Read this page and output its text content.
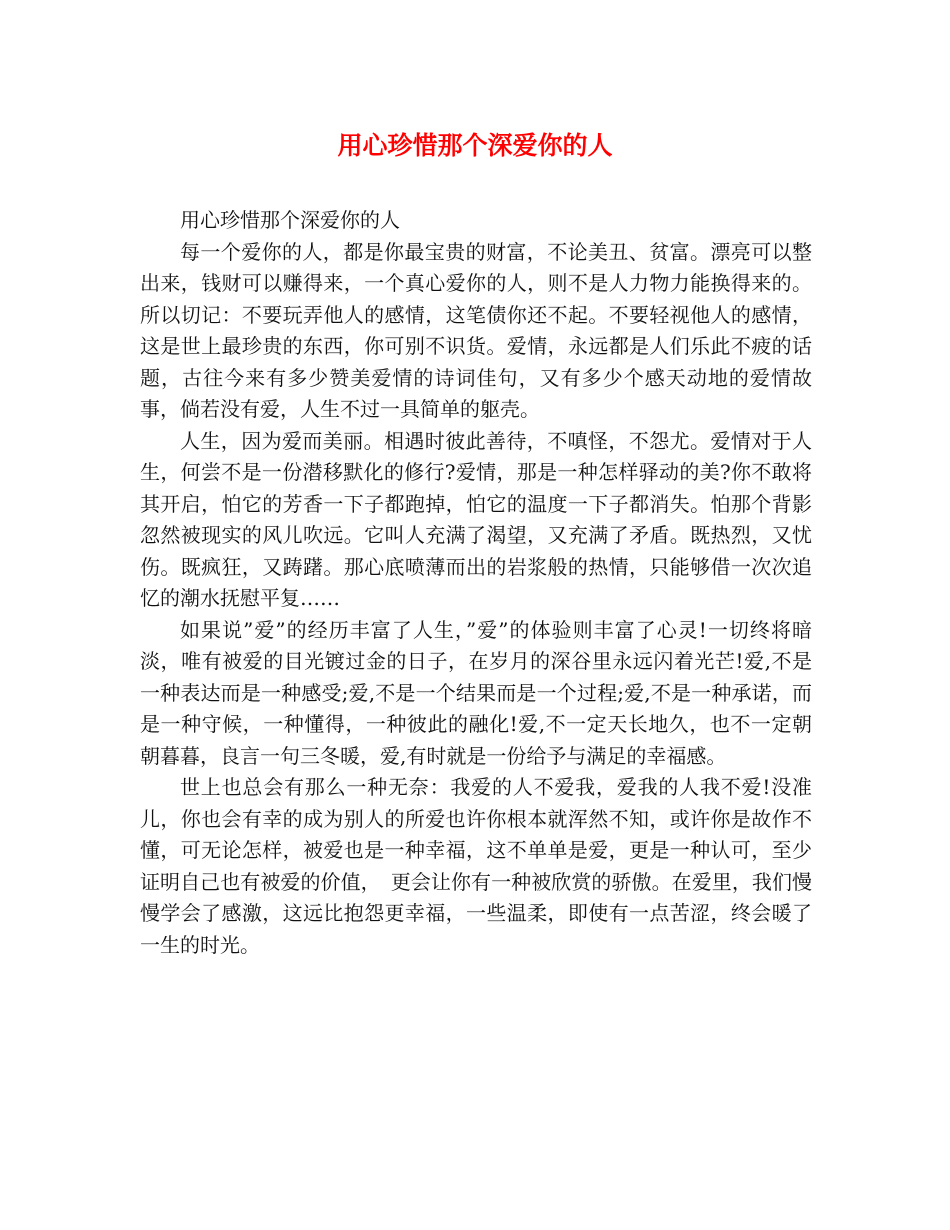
用心珍惜那个深爱你的人

用心珍惜那个深爱你的人

每一个爱你的人，都是你最宝贵的财富，不论美丑、贫富。漂亮可以整出来，钱财可以赚得来，一个真心爱你的人，则不是人力物力能换得来的。所以切记：不要玩弄他人的感情，这笔债你还不起。不要轻视他人的感情，这是世上最珍贵的东西，你可别不识货。爱情，永远都是人们乐此不疲的话题，古往今来有多少赞美爱情的诗词佳句，又有多少个感天动地的爱情故事，倘若没有爱，人生不过一具简单的躯壳。

人生，因为爱而美丽。相遇时彼此善待，不嗔怪，不怨尤。爱情对于人生，何尝不是一份潜移默化的修行?爱情，那是一种怎样驿动的美?你不敢将其开启，怕它的芳香一下子都跑掉，怕它的温度一下子都消失。怕那个背影忽然被现实的风儿吹远。它叫人充满了渴望，又充满了矛盾。既热烈，又忧伤。既疯狂，又踌躇。那心底喷薄而出的岩浆般的热情，只能够借一次次追忆的潮水抚慰平复……

如果说”爱”的经历丰富了人生，”爱”的体验则丰富了心灵!一切终将暗淡，唯有被爱的目光镀过金的日子，在岁月的深谷里永远闪着光芒!爱,不是一种表达而是一种感受;爱,不是一个结果而是一个过程;爱,不是一种承诺，而是一种守候，一种懂得，一种彼此的融化!爱,不一定天长地久，也不一定朝朝暮暮，良言一句三冬暖，爱,有时就是一份给予与满足的幸福感。

世上也总会有那么一种无奈：我爱的人不爱我，爱我的人我不爱!没准儿，你也会有幸的成为别人的所爱也许你根本就浑然不知，或许你是故作不懂，可无论怎样，被爱也是一种幸福，这不单单是爱，更是一种认可，至少证明自己也有被爱的价值，　更会让你有一种被欣赏的骄傲。在爱里，我们慢慢学会了感激，这远比抱怨更幸福，一些温柔，即使有一点苦涩，终会暖了一生的时光。
